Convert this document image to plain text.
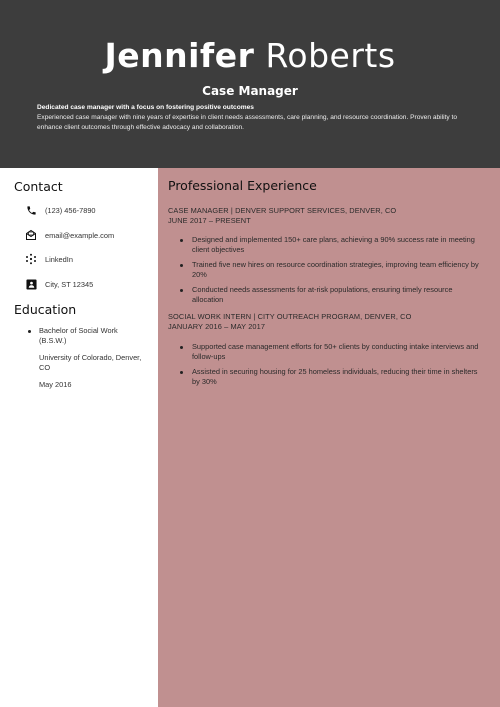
Jennifer Roberts
Case Manager
Dedicated case manager with a focus on fostering positive outcomes
Experienced case manager with nine years of expertise in client needs assessments, care planning, and resource coordination. Proven ability to enhance client outcomes through effective advocacy and collaboration.
Contact
(123) 456-7890
email@example.com
LinkedIn
City, ST 12345
Education
Bachelor of Social Work (B.S.W.)
University of Colorado, Denver, CO
May 2016
Professional Experience
CASE MANAGER | DENVER SUPPORT SERVICES, DENVER, CO
JUNE 2017 – PRESENT
Designed and implemented 150+ care plans, achieving a 90% success rate in meeting client objectives
Trained five new hires on resource coordination strategies, improving team efficiency by 20%
Conducted needs assessments for at-risk populations, ensuring timely resource allocation
SOCIAL WORK INTERN | CITY OUTREACH PROGRAM, DENVER, CO
JANUARY 2016 – MAY 2017
Supported case management efforts for 50+ clients by conducting intake interviews and follow-ups
Assisted in securing housing for 25 homeless individuals, reducing their time in shelters by 30%
